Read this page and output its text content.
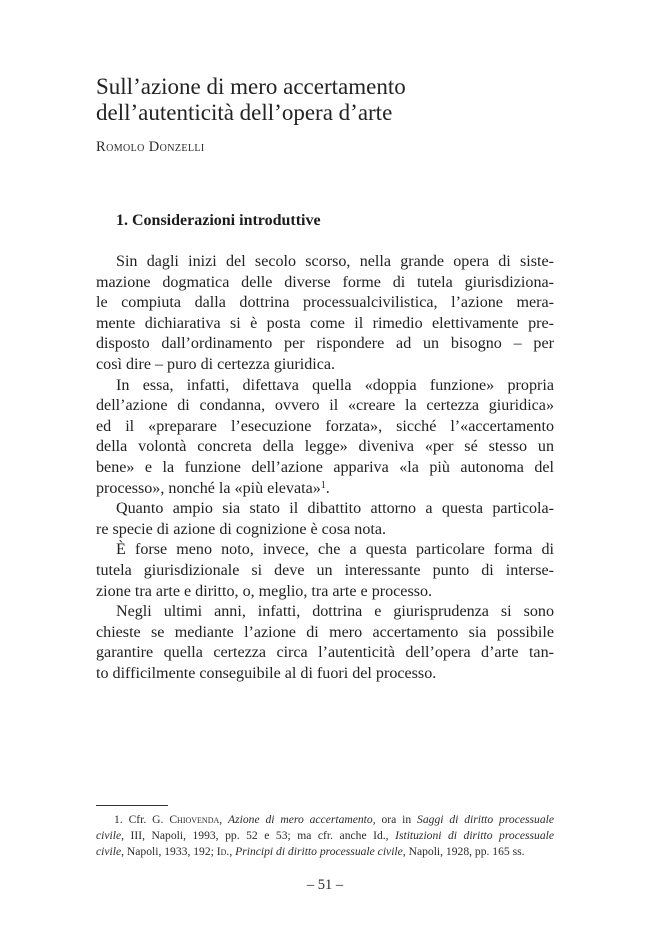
Sull’azione di mero accertamento
dell’autenticità dell’opera d’arte
Romolo Donzelli
1. Considerazioni introduttive
Sin dagli inizi del secolo scorso, nella grande opera di siste-
mazione dogmatica delle diverse forme di tutela giurisdiziona-
le compiuta dalla dottrina processualcivilistica, l’azione mera-
mente dichiarativa si è posta come il rimedio elettivamente pre-
disposto dall’ordinamento per rispondere ad un bisogno – per
così dire – puro di certezza giuridica.
In essa, infatti, difettava quella «doppia funzione» propria
dell’azione di condanna, ovvero il «creare la certezza giuridica»
ed il «preparare l’esecuzione forzata», sicché l’«accertamento
della volontà concreta della legge» diveniva «per sé stesso un
bene» e la funzione dell’azione appariva «la più autonoma del
processo», nonché la «più elevata»$^1$.
Quanto ampio sia stato il dibattito attorno a questa particola-
re specie di azione di cognizione è cosa nota.
È forse meno noto, invece, che a questa particolare forma di
tutela giurisdizionale si deve un interessante punto di interse-
zione tra arte e diritto, o, meglio, tra arte e processo.
Negli ultimi anni, infatti, dottrina e giurisprudenza si sono
chieste se mediante l’azione di mero accertamento sia possibile
garantire quella certezza circa l’autenticità dell’opera d’arte tan-
to difficilmente conseguibile al di fuori del processo.
1. Cfr. G. Chiovenda, Azione di mero accertamento, ora in Saggi di diritto processuale
civile, III, Napoli, 1993, pp. 52 e 53; ma cfr. anche Id., Istituzioni di diritto processuale
civile, Napoli, 1933, 192; Id., Principi di diritto processuale civile, Napoli, 1928, pp. 165 ss.
– 51 –
